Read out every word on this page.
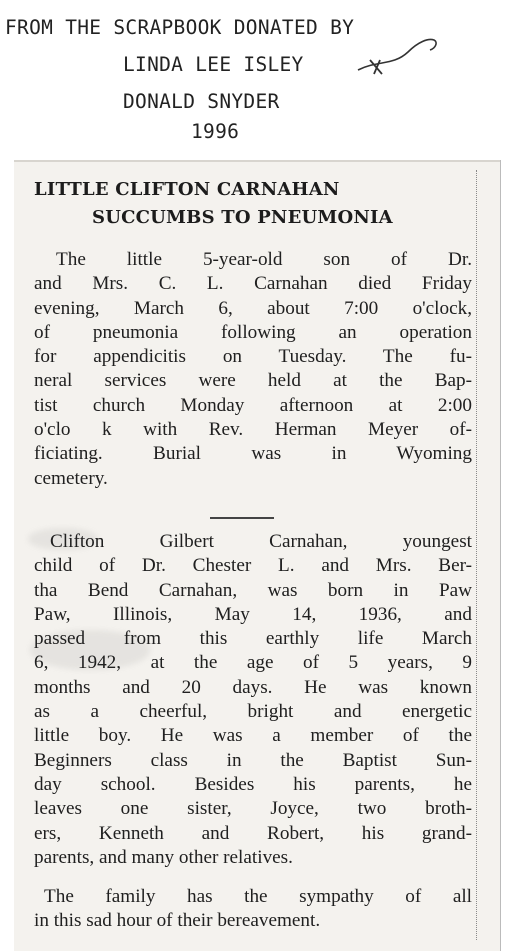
FROM THE SCRAPBOOK DONATED BY
LINDA LEE ISLEY
DONALD SNYDER
1996
LITTLE CLIFTON CARNAHAN
SUCCUMBS TO PNEUMONIA
The little 5-year-old son of Dr.
and Mrs. C. L. Carnahan died Friday
evening, March 6, about 7:00 o'clock,
of pneumonia following an operation
for appendicitis on Tuesday. The fu-
neral services were held at the Bap-
tist church Monday afternoon at 2:00
o'clo k with Rev. Herman Meyer of-
ficiating. Burial was in Wyoming
cemetery.
Clifton Gilbert Carnahan, youngest
child of Dr. Chester L. and Mrs. Ber-
tha Bend Carnahan, was born in Paw
Paw, Illinois, May 14, 1936, and
passed from this earthly life March
6, 1942, at the age of 5 years, 9
months and 20 days. He was known
as a cheerful, bright and energetic
little boy. He was a member of the
Beginners class in the Baptist Sun-
day school. Besides his parents, he
leaves one sister, Joyce, two broth-
ers, Kenneth and Robert, his grand-
parents, and many other relatives.
The family has the sympathy of all
in this sad hour of their bereavement.
